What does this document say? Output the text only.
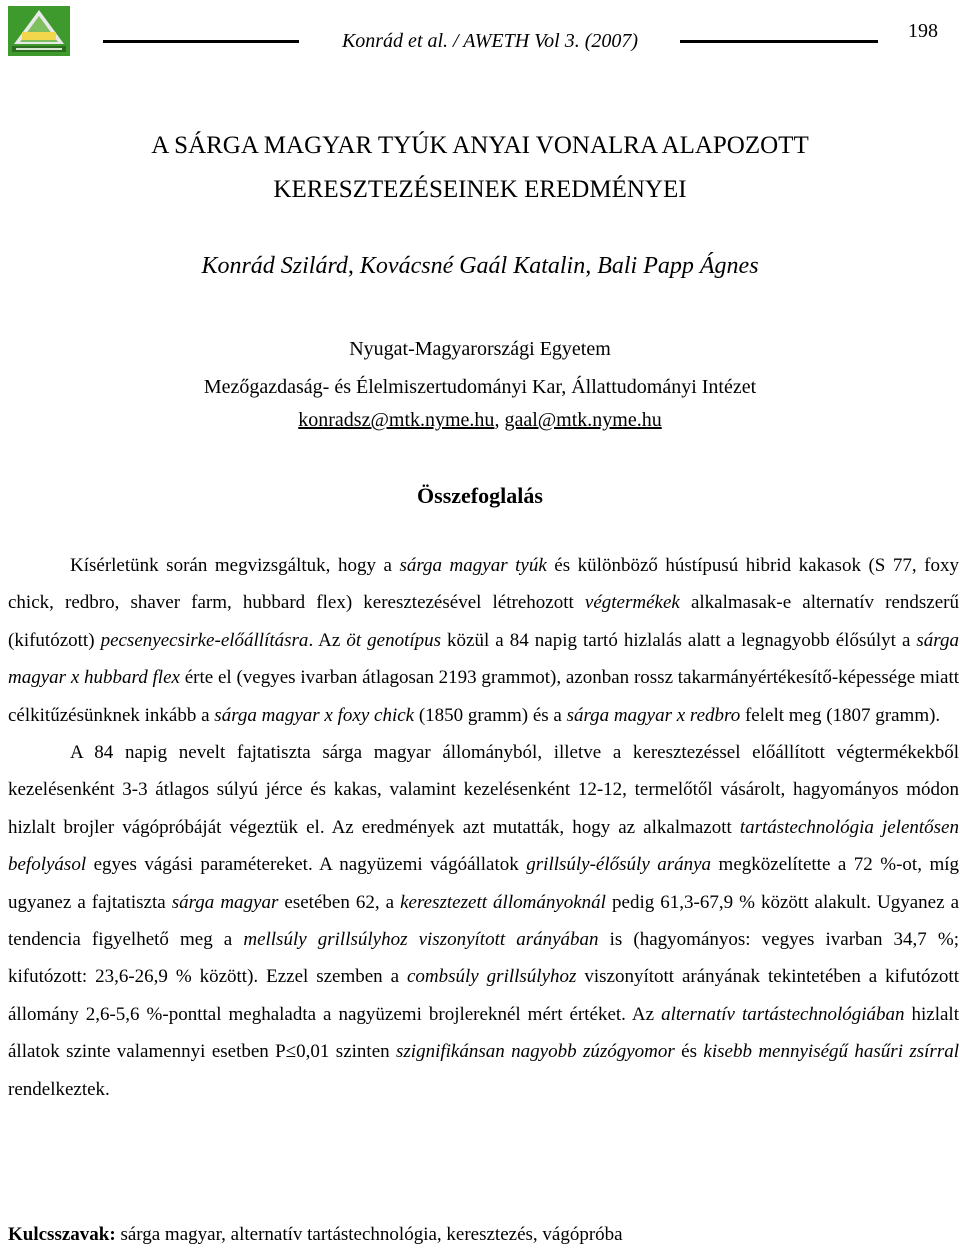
Konrád et al. / AWETH Vol 3. (2007)	198
A SÁRGA MAGYAR TYÚK ANYAI VONALRA ALAPOZOTT
KERESZTEZÉSEINEK EREDMÉNYEI
Konrád Szilárd, Kovácsné Gaál Katalin, Bali Papp Ágnes
Nyugat-Magyarországi Egyetem
Mezőgazdaság- és Élelmiszertudományi Kar, Állattudományi Intézet
konradsz@mtk.nyme.hu, gaal@mtk.nyme.hu
Összefoglalás

Kísérletünk során megvizsgáltuk, hogy a sárga magyar tyúk és különböző hústípusú hibrid kakasok (S 77, foxy chick, redbro, shaver farm, hubbard flex) keresztezésével létrehozott végtermékek alkalmasak-e alternatív rendszerű (kifutózott) pecsenyecsirke-előállításra. Az öt genotípus közül a 84 napig tartó hizlalás alatt a legnagyobb élősúlyt a sárga magyar x hubbard flex érte el (vegyes ivarban átlagosan 2193 grammot), azonban rossz takarmányértékesítő-képessége miatt célkitűzésünknek inkább a sárga magyar x foxy chick (1850 gramm) és a sárga magyar x redbro felelt meg (1807 gramm).

A 84 napig nevelt fajtatiszta sárga magyar állományból, illetve a keresztezéssel előállított végtermékekből kezelésenként 3-3 átlagos súlyú jérce és kakas, valamint kezelésenként 12-12, termelőtől vásárolt, hagyományos módon hizlalt brojler vágópróbáját végeztük el. Az eredmények azt mutatták, hogy az alkalmazott tartástechnológia jelentősen befolyásol egyes vágási paramétereket. A nagyüzemi vágóállatok grillsúly-élősúly aránya megközelítette a 72 %-ot, míg ugyanez a fajtatiszta sárga magyar esetében 62, a keresztezett állományoknál pedig 61,3-67,9 % között alakult. Ugyanez a tendencia figyelhető meg a mellsúly grillsúlyhoz viszonyított arányában is (hagyományos: vegyes ivarban 34,7 %; kifutózott: 23,6-26,9 % között). Ezzel szemben a combsúly grillsúlyhoz viszonyított arányának tekintetében a kifutózott állomány 2,6-5,6 %-ponttal meghaladta a nagyüzemi brojlereknél mért értéket. Az alternatív tartástechnológiában hizlalt állatok szinte valamennyi esetben P≤0,01 szinten szignifikánsan nagyobb zúzógyomor és kisebb mennyiségű hasűri zsírral rendelkeztek.

Kulcsszavak: sárga magyar, alternatív tartástechnológia, keresztezés, vágópróba
